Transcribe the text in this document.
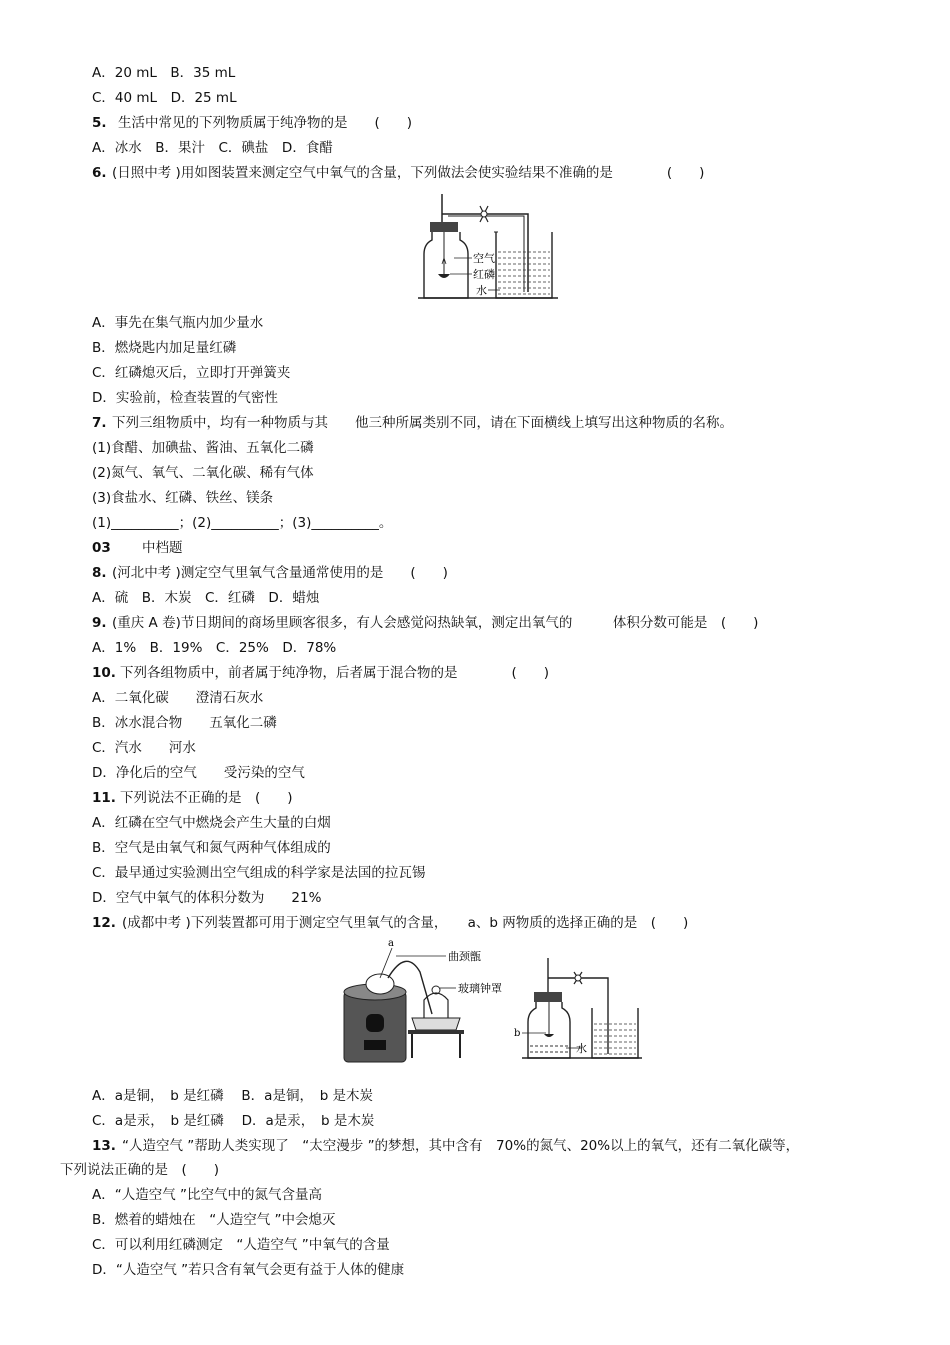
A．20 mL　B．35 mL
C．40 mL　D．25 mL
5. 生活中常见的下列物质属于纯净物的是　　(　　)
A．冰水　B．果汁　C．碘盐　D．食醋
6. (日照中考 )用如图装置来测定空气中氧气的含量，下列做法会使实验结果不准确的是　　　　(　　)
空气
红磷
水
A．事先在集气瓶内加少量水
B．燃烧匙内加足量红磷
C．红磷熄灭后，立即打开弹簧夹
D．实验前，检查装置的气密性
7. 下列三组物质中，均有一种物质与其　　他三种所属类别不同，请在下面横线上填写出这种物质的名称。
(1)食醋、加碘盐、酱油、五氧化二磷
(2)氮气、氧气、二氧化碳、稀有气体
(3)食盐水、红磷、铁丝、镁条
(1)__________；(2)__________；(3)__________。
03 中档题
8. (河北中考 )测定空气里氧气含量通常使用的是　　(　　)
A．硫　B．木炭　C．红磷　D．蜡烛
9. (重庆 A 卷)节日期间的商场里顾客很多，有人会感觉闷热缺氧，测定出氧气的　　　体积分数可能是　(　　)
A．1%　B．19%　C．25%　D．78%
10. 下列各组物质中，前者属于纯净物，后者属于混合物的是　　　　(　　)
A．二氧化碳　　澄清石灰水
B．冰水混合物　　五氧化二磷
C．汽水　　河水
D．净化后的空气　　受污染的空气
11. 下列说法不正确的是　(　　)
A．红磷在空气中燃烧会产生大量的白烟
B．空气是由氧气和氮气两种气体组成的
C．最早通过实验测出空气组成的科学家是法国的拉瓦锡
D．空气中氧气的体积分数为　　21%
12. (成都中考 )下列装置都可用于测定空气里氧气的含量，　　a、b 两物质的选择正确的是　(　　)
a
曲颈甑
玻璃钟罩
b
水
A．a是铜，　b 是红磷　 B．a是铜，　b 是木炭
C．a是汞，　b 是红磷　 D．a是汞，　b 是木炭
13. “人造空气 ”帮助人类实现了　“太空漫步 ”的梦想，其中含有　70%的氮气、20%以上的氧气，还有二氧化碳等，
下列说法正确的是　(　　)
A．“人造空气 ”比空气中的氮气含量高
B．燃着的蜡烛在　“人造空气 ”中会熄灭
C．可以利用红磷测定　“人造空气 ”中氧气的含量
D．“人造空气 ”若只含有氧气会更有益于人体的健康
